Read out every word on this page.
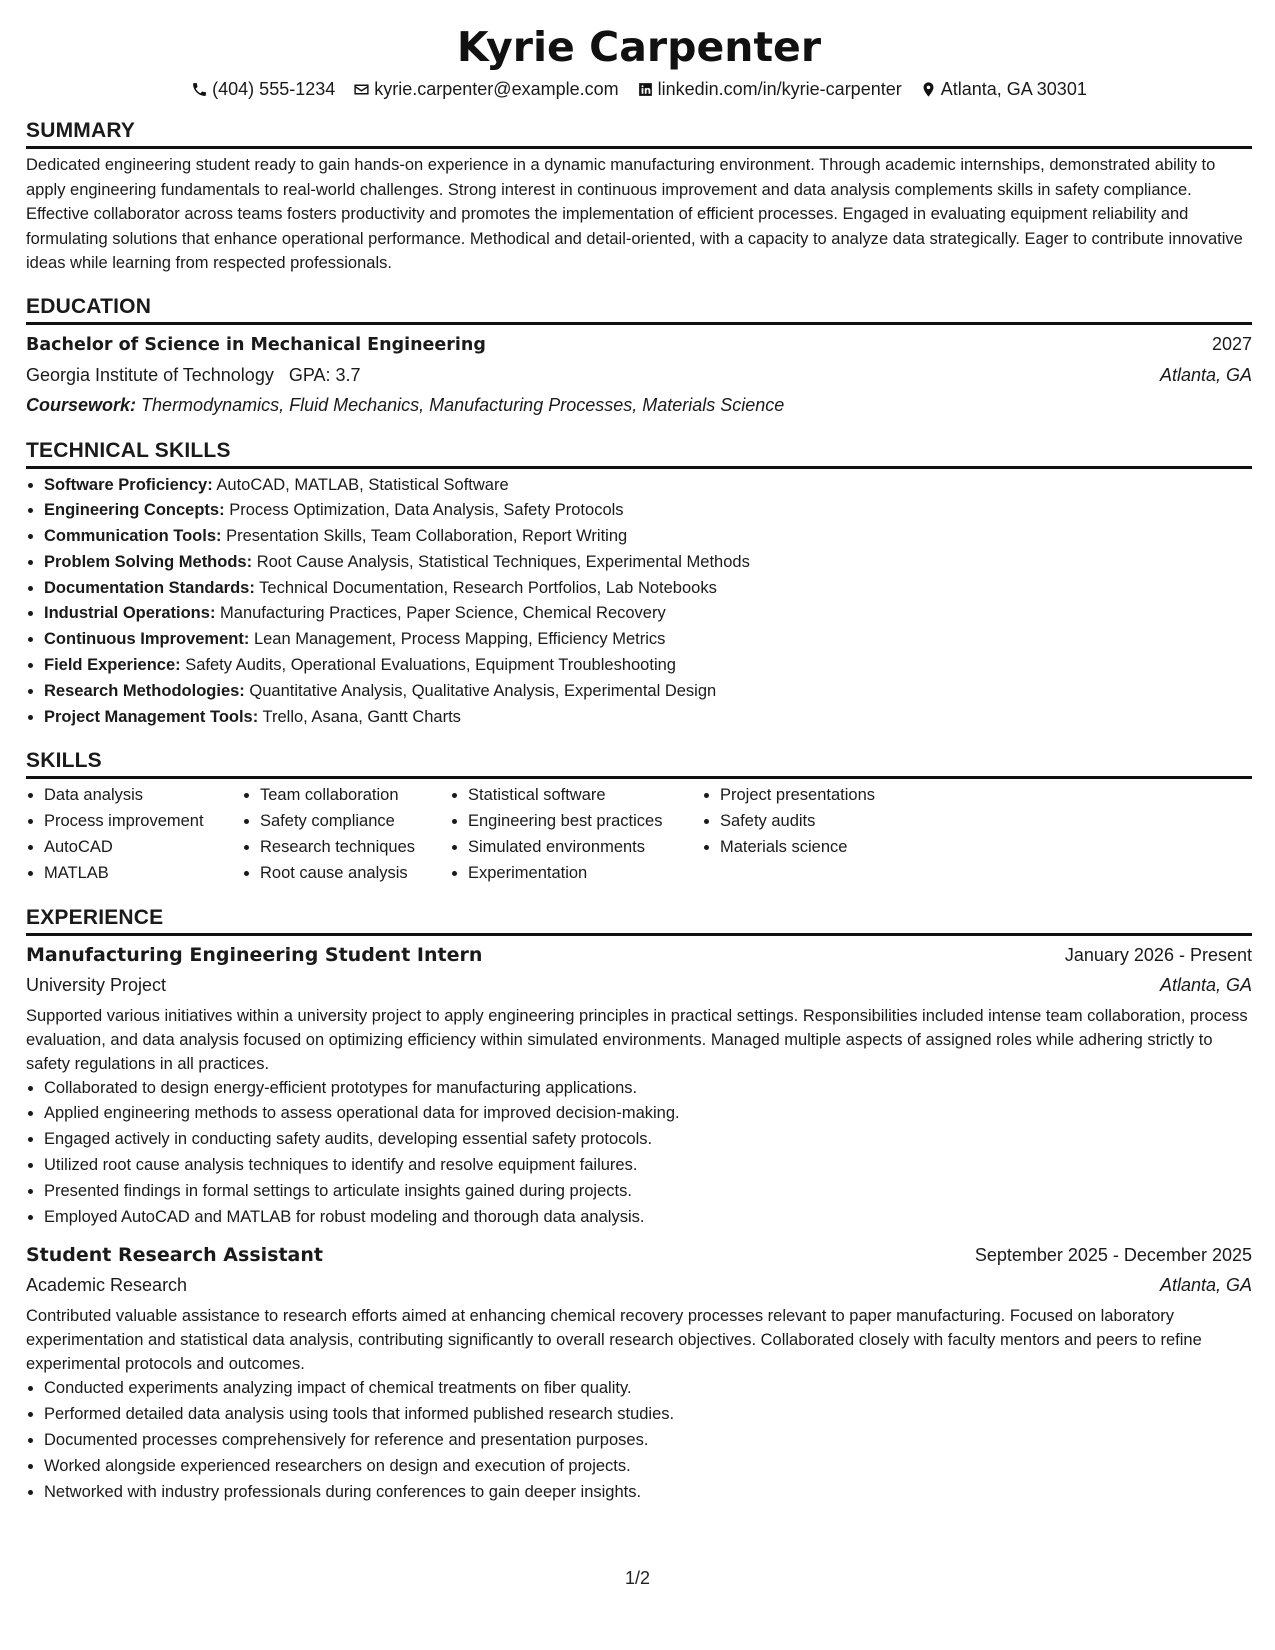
Kyrie Carpenter
(404) 555-1234 kyrie.carpenter@example.com linkedin.com/in/kyrie-carpenter Atlanta, GA 30301
SUMMARY

Dedicated engineering student ready to gain hands-on experience in a dynamic manufacturing environment. Through academic internships, demonstrated ability to apply engineering fundamentals to real-world challenges. Strong interest in continuous improvement and data analysis complements skills in safety compliance. Effective collaborator across teams fosters productivity and promotes the implementation of efficient processes. Engaged in evaluating equipment reliability and formulating solutions that enhance operational performance. Methodical and detail-oriented, with a capacity to analyze data strategically. Eager to contribute innovative ideas while learning from respected professionals.

EDUCATION
Bachelor of Science in Mechanical Engineering	2027
Georgia Institute of Technology GPA: 3.7	Atlanta, GA
Coursework: Thermodynamics, Fluid Mechanics, Manufacturing Processes, Materials Science
TECHNICAL SKILLS
• Software Proficiency: AutoCAD, MATLAB, Statistical Software
• Engineering Concepts: Process Optimization, Data Analysis, Safety Protocols
• Communication Tools: Presentation Skills, Team Collaboration, Report Writing
• Problem Solving Methods: Root Cause Analysis, Statistical Techniques, Experimental Methods
• Documentation Standards: Technical Documentation, Research Portfolios, Lab Notebooks
• Industrial Operations: Manufacturing Practices, Paper Science, Chemical Recovery
• Continuous Improvement: Lean Management, Process Mapping, Efficiency Metrics
• Field Experience: Safety Audits, Operational Evaluations, Equipment Troubleshooting
• Research Methodologies: Quantitative Analysis, Qualitative Analysis, Experimental Design
• Project Management Tools: Trello, Asana, Gantt Charts
SKILLS
• Data analysis
• Process improvement
• AutoCAD
• MATLAB
• Team collaboration
• Safety compliance
• Research techniques
• Root cause analysis
• Statistical software
• Engineering best practices
• Simulated environments
• Experimentation
• Project presentations
• Safety audits
• Materials science
EXPERIENCE
Manufacturing Engineering Student Intern	January 2026 - Present
University Project	Atlanta, GA

Supported various initiatives within a university project to apply engineering principles in practical settings. Responsibilities included intense team collaboration, process evaluation, and data analysis focused on optimizing efficiency within simulated environments. Managed multiple aspects of assigned roles while adhering strictly to safety regulations in all practices.

• Collaborated to design energy-efficient prototypes for manufacturing applications.
• Applied engineering methods to assess operational data for improved decision-making.
• Engaged actively in conducting safety audits, developing essential safety protocols.
• Utilized root cause analysis techniques to identify and resolve equipment failures.
• Presented findings in formal settings to articulate insights gained during projects.
• Employed AutoCAD and MATLAB for robust modeling and thorough data analysis.
Student Research Assistant	September 2025 - December 2025
Academic Research	Atlanta, GA

Contributed valuable assistance to research efforts aimed at enhancing chemical recovery processes relevant to paper manufacturing. Focused on laboratory experimentation and statistical data analysis, contributing significantly to overall research objectives. Collaborated closely with faculty mentors and peers to refine experimental protocols and outcomes.

• Conducted experiments analyzing impact of chemical treatments on fiber quality.
• Performed detailed data analysis using tools that informed published research studies.
• Documented processes comprehensively for reference and presentation purposes.
• Worked alongside experienced researchers on design and execution of projects.
• Networked with industry professionals during conferences to gain deeper insights.
1/2
